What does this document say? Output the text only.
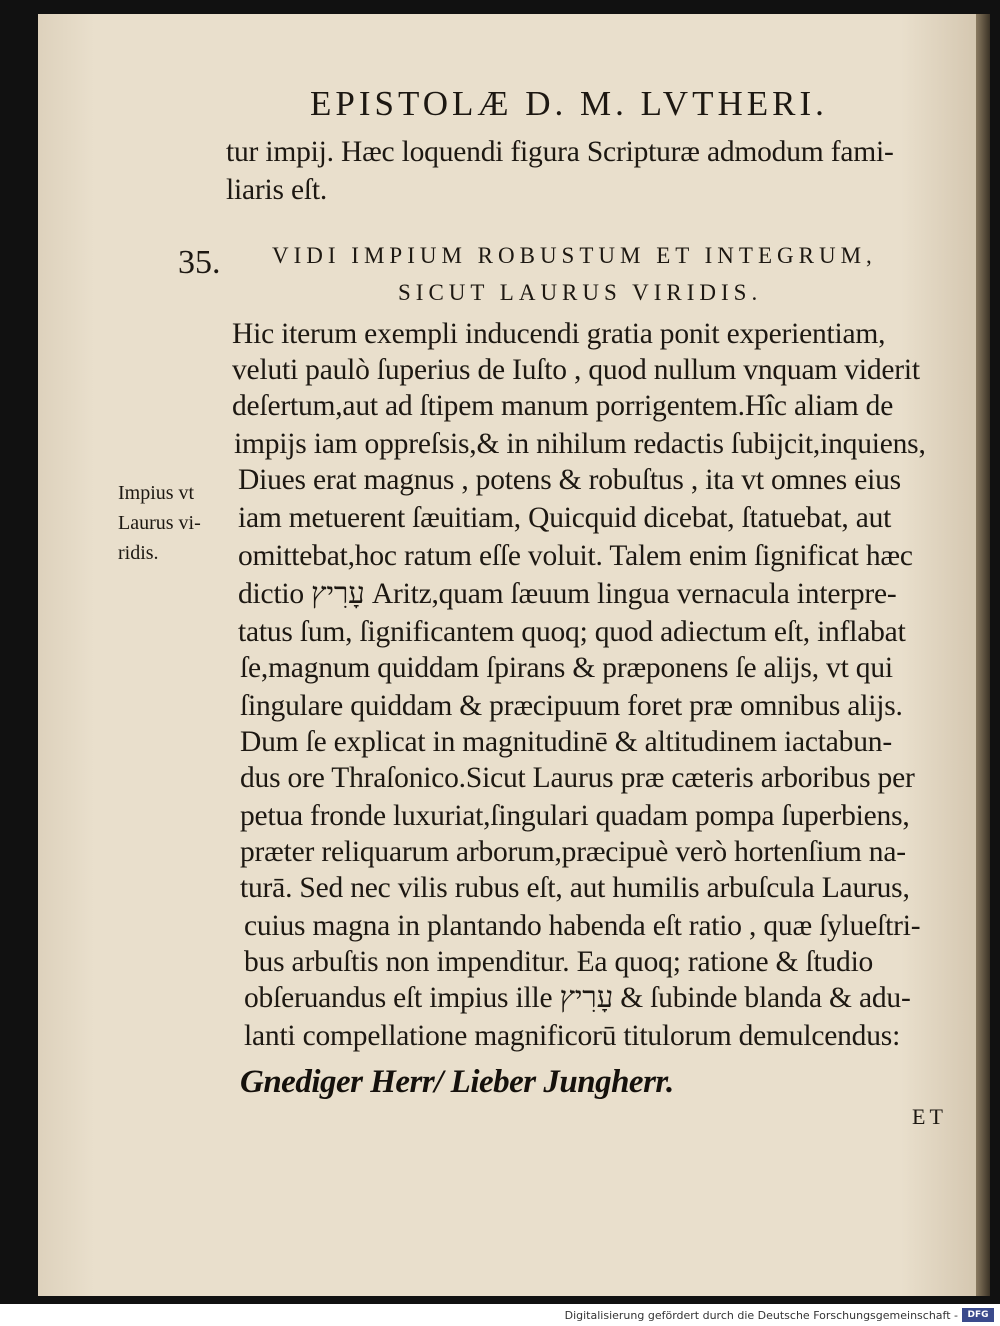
EPISTOLÆ D. M. LVTHERI.
tur impij. Hæc loquendi figura Scripturæ admodum fami-
liaris eſt.
35. VIDI IMPIUM ROBUSTUM ET INTEGRUM,
SICUT LAURUS VIRIDIS.
Impius vt
Laurus vi-
ridis.
Hic iterum exempli inducendi gratia ponit experientiam,
veluti paulò ſuperius de Iuſto , quod nullum vnquam viderit
deſertum,aut ad ſtipem manum porrigentem.Hîc aliam de
impijs iam oppreſsis,& in nihilum redactis ſubijcit,inquiens,
Diues erat magnus , potens & robuſtus , ita vt omnes eius
iam metuerent ſæuitiam, Quicquid dicebat, ſtatuebat, aut
omittebat,hoc ratum eſſe voluit. Talem enim ſignificat hæc
dictio עָרִיץ Aritz,quam ſæuum lingua vernacula interpre-
tatus ſum, ſignificantem quoq; quod adiectum eſt, inflabat
ſe,magnum quiddam ſpirans & præponens ſe alijs, vt qui
ſingulare quiddam & præcipuum foret præ omnibus alijs.
Dum ſe explicat in magnitudinē & altitudinem iactabun-
dus ore Thraſonico.Sicut Laurus præ cæteris arboribus per
petua fronde luxuriat,ſingulari quadam pompa ſuperbiens,
præter reliquarum arborum,præcipuè verò hortenſium na-
turā. Sed nec vilis rubus eſt, aut humilis arbuſcula Laurus,
cuius magna in plantando habenda eſt ratio , quæ ſylueſtri-
bus arbuſtis non impenditur. Ea quoq; ratione & ſtudio
obſeruandus eſt impius ille עָרִיץ & ſubinde blanda & adu-
lanti compellatione magnificorū titulorum demulcendus:
Gnediger Herr/ Lieber Jungherr.
ET
Digitalisierung gefördert durch die Deutsche Forschungsgemeinschaft -	DFG
